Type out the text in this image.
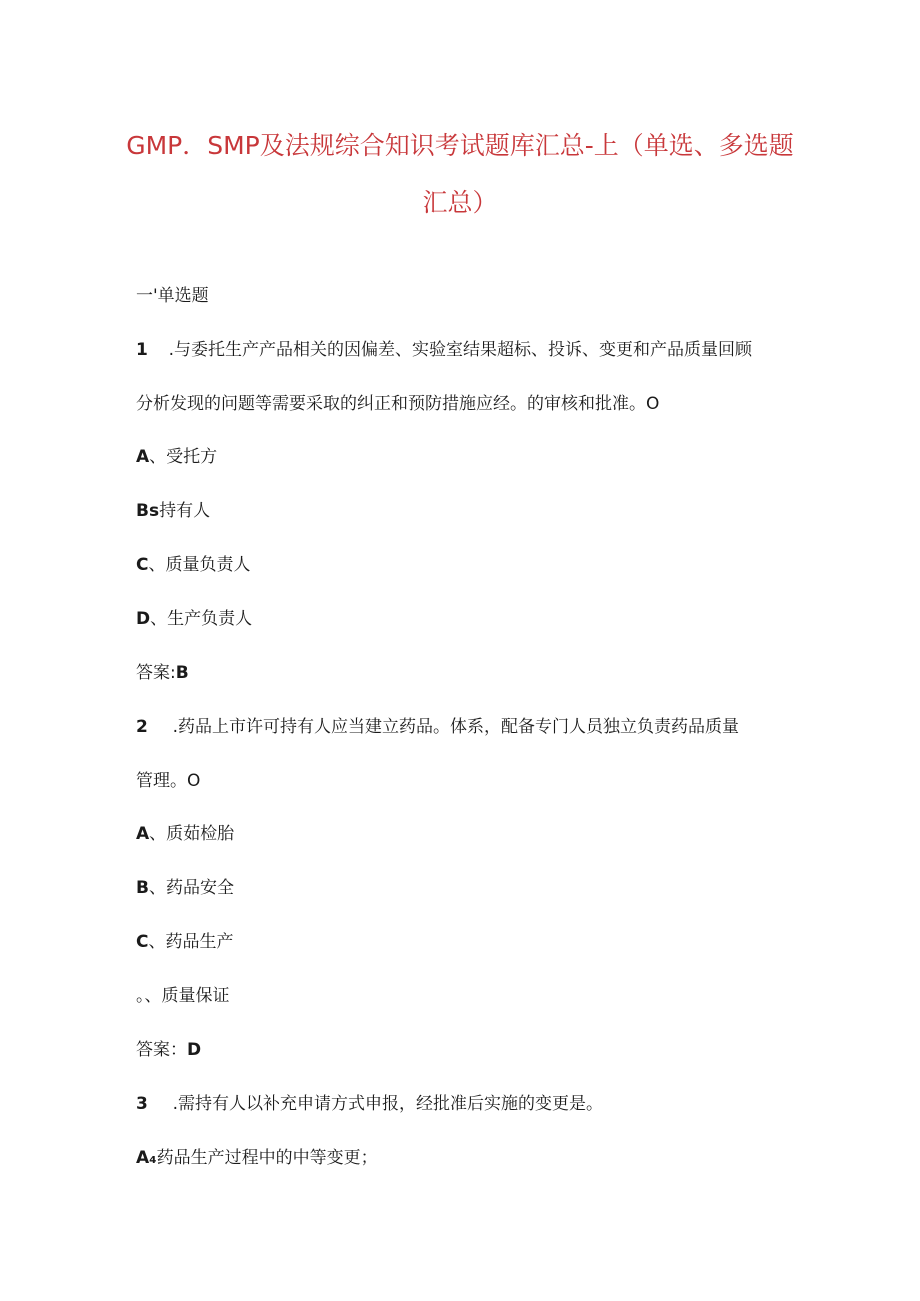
GMP．SMP及法规综合知识考试题库汇总-上（单选、多选题
汇总）
一'单选题
1 .与委托生产产品相关的因偏差、实验室结果超标、投诉、变更和产品质量回顾
分析发现的问题等需要采取的纠正和预防措施应经。的审核和批准。O
A、受托方
Bs持有人
C、质量负责人
D、生产负责人
答案:B
2 .药品上市许可持有人应当建立药品。体系，配备专门人员独立负责药品质量
管理。O
A、质茹检胎
B、药品安全
C、药品生产
。、质量保证
答案：D
3 .需持有人以补充申请方式申报，经批准后实施的变更是。
A₄药品生产过程中的中等变更；
